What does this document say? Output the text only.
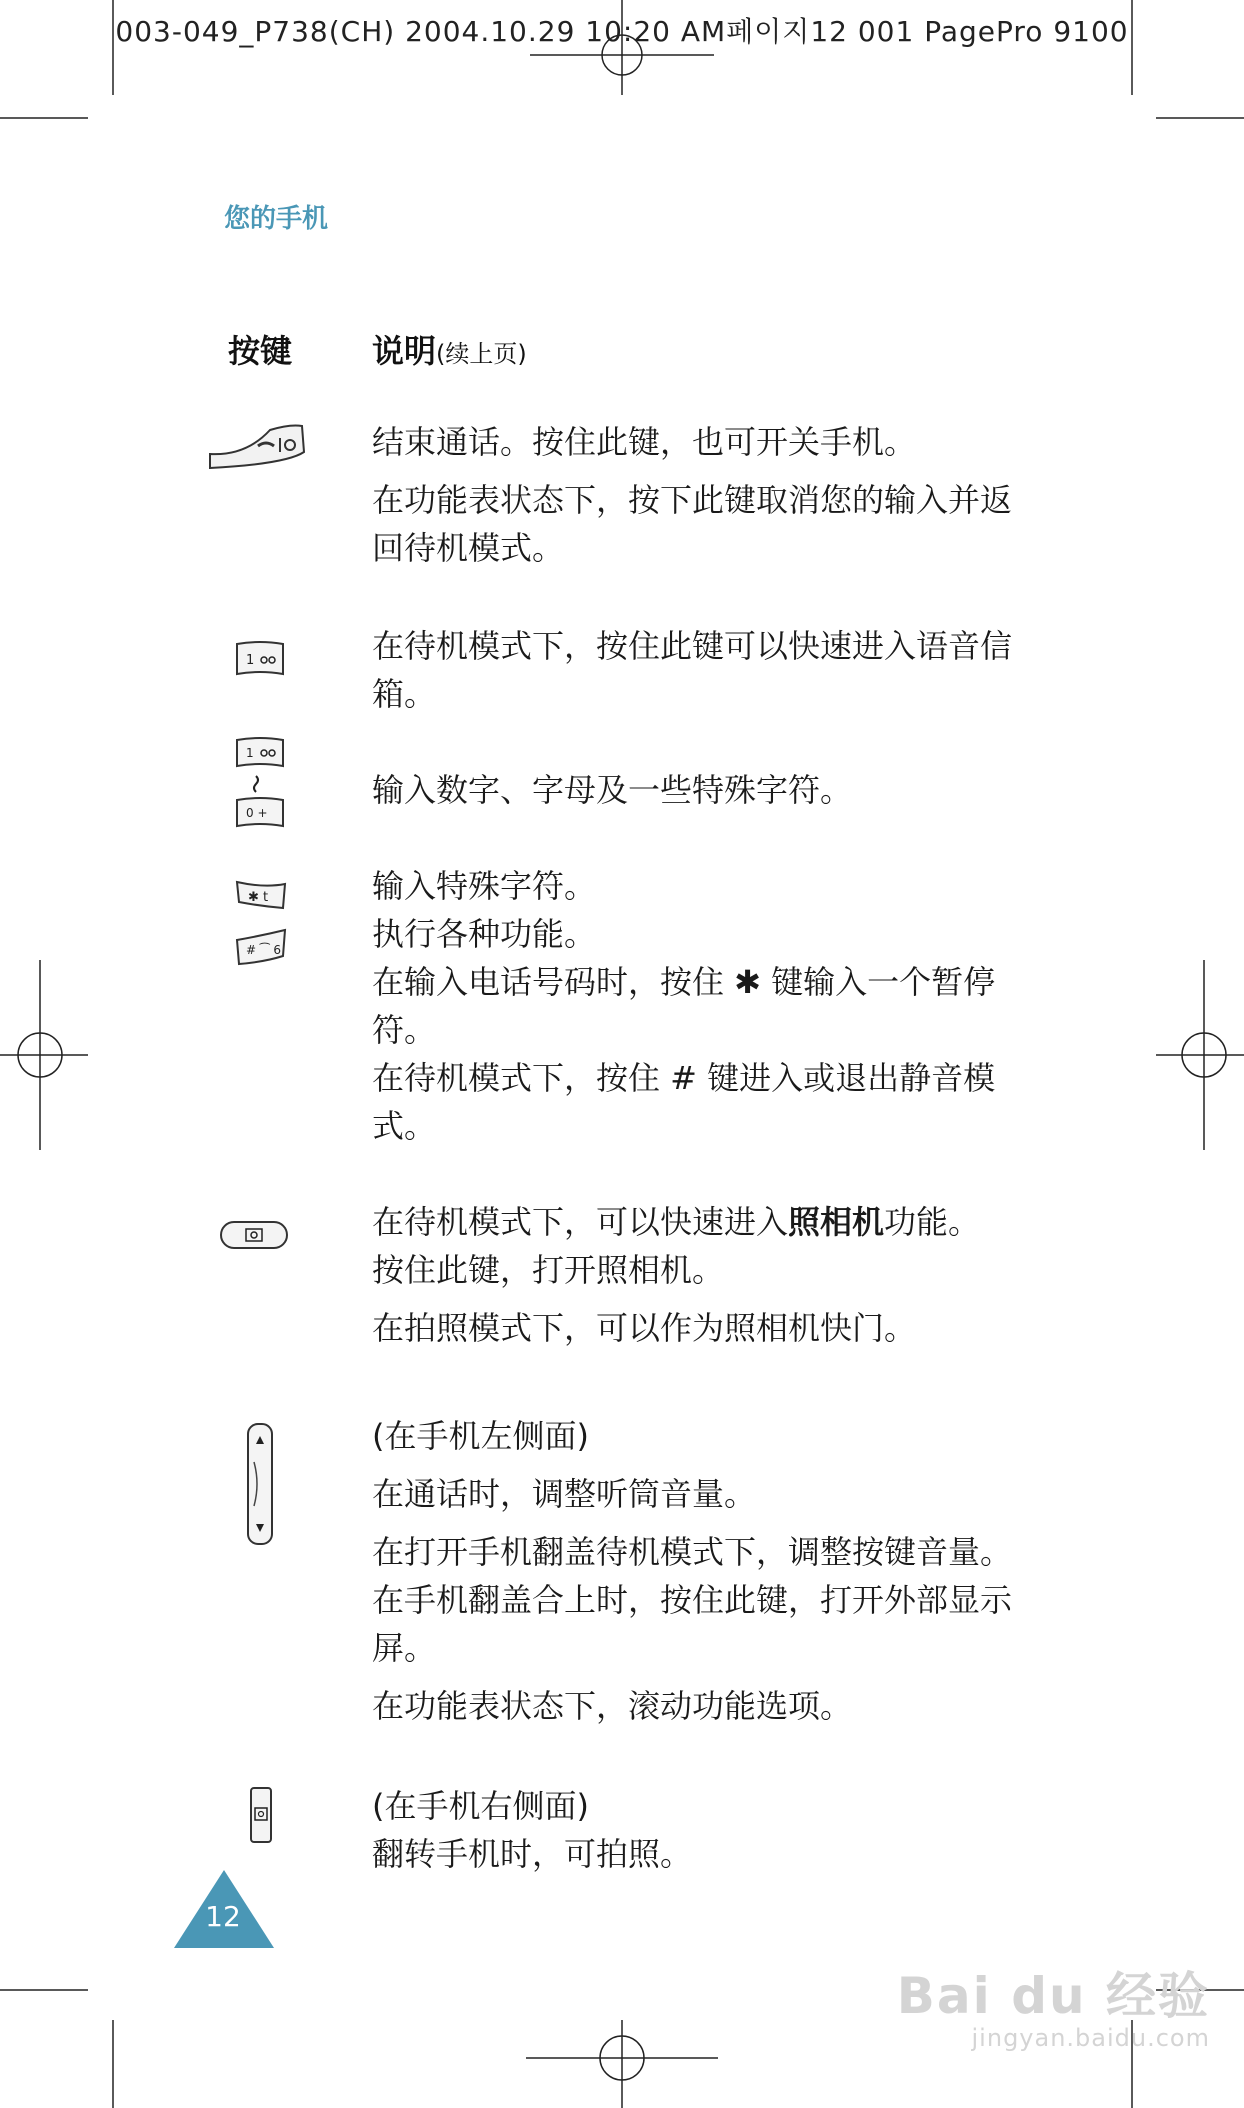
003-049_P738(CH) 2004.10.29 10:20 AM페이지12 001 PagePro 9100
您的手机
按键 说明(续上页)

结束通话。按住此键，也可开关手机。

在功能表状态下，按下此键取消您的输入并返回待机模式。

1	在待机模式下，按住此键可以快速进入语音信箱。

1
0 +

输入数字、字母及一些特殊字符。

✱ t
# ⁀ 6

输入特殊字符。

执行各种功能。

在输入电话号码时，按住 ✱ 键输入一个暂停符。

在待机模式下，按住 # 键进入或退出静音模式。

在待机模式下，可以快速进入照相机功能。

按住此键，打开照相机。

在拍照模式下，可以作为照相机快门。

(在手机左侧面)

在通话时，调整听筒音量。

在打开手机翻盖待机模式下，调整按键音量。在手机翻盖合上时，按住此键，打开外部显示屏。

在功能表状态下，滚动功能选项。

(在手机右侧面)

翻转手机时，可拍照。

12
Bai du 经验
jingyan.baidu.com
